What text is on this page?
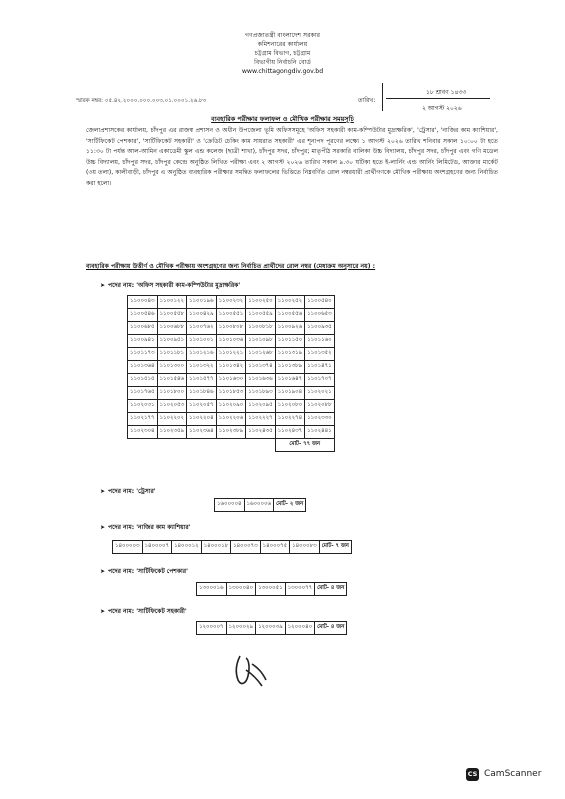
গণপ্রজাতন্ত্রী বাংলাদেশ সরকার
কমিশনারের কার্যালয়
চট্টগ্রাম বিভাগ, চট্টগ্রাম
বিভাগীয় নির্বাচনি বোর্ড
www.chittagongdiv.gov.bd
স্মারক নম্বর: ০৫.৪২.২০০০.০০০.০০৩.০১.০০০১.২৬.৮৩	তারিখ:
১৮ শ্রাবণ ১৪৩৩
২ আগস্ট ২০২৬
ব্যবহারিক পরীক্ষার ফলাফল ও মৌখিক পরীক্ষার সময়সূচি

জেলাপ্রশাসকের কার্যালয়, চাঁদপুর এর রাজস্ব প্রশাসন ও অধীন উপজেলা ভূমি অফিসসমূহে 'অফিস সহকারী কাম-কম্পিউটার মুদ্রাক্ষরিক', 'ট্রেসার', 'নাজির কাম ক্যাশিয়ার', 'সার্টিফিকেট পেশকার', 'সার্টিফিকেট সহকারী' ও 'ক্রেডিট চেকিং কাম সায়রাত সহকারী' এর শূন্যপদ পূরণের লক্ষ্যে ১ আগস্ট ২০২৬ তারিখ শনিবার সকাল ১০:০০ টা হতে ১১:৩০ টা পর্যন্ত আল-আমিন একাডেমী স্কুল এন্ড কলেজ (ছাত্রী শাখা), চাঁদপুর সদর, চাঁদপুর; মাতৃপীঠ সরকারি বালিকা উচ্চ বিদ্যালয়, চাঁদপুর সদর, চাঁদপুর এবং গণি মডেল উচ্চ বিদ্যালয়, চাঁদপুর সদর, চাঁদপুর কেন্দ্রে অনুষ্ঠিত লিখিত পরীক্ষা এবং ২ আগস্ট ২০২৬ তারিখ সকাল ৯.৩০ ঘটিকা হতে ই-লার্নিং এন্ড আর্নিং লিমিটেড, আক্তার মার্কেট (৩য় তলা), কালীবাড়ী, চাঁদপুর এ অনুষ্ঠিত ব্যবহারিক পরীক্ষার সমন্বিত ফলাফলের ভিত্তিতে নিম্নবর্ণিত রোল নম্বরধারী প্রার্থীগণকে মৌখিক পরীক্ষায় অংশগ্রহণের জন্য নির্বাচিত করা হলো।

ব্যবহারিক পরীক্ষায় উত্তীর্ণ ও মৌখিক পরীক্ষায় অংশগ্রহণের জন্য নির্বাচিত প্রার্থীদের রোল নম্বর (মেধাক্রম অনুসারে নয়) :
➤ পদের নাম: 'অফিস সহকারী কাম-কম্পিউটার মুদ্রাক্ষরিক'
১১০০০৪৩	১১০০১২২	১১০০১৯৬	১১০০২৩২	১১০০২৫০	১১০০২৫২	১১০০৫৪০
১১০০৫৪৬	১১০০৫৫৮	১১০০৪২৯	১১০০৫৫১	১১০০৫৫৯	১১০০৫৫৬	১১০০৬৫৩
১১০০৬৮৫	১১০০৬৮৮	১১০০৭৬২	১১০০৮০৮	১১০০৮১৮	১১০০৯২৬	১১০০৯৩৫
১১০০৯৪১	১১০০৯৫১	১১০১০০১	১১০১০৩৬	১১০১০৯৮	১১০১১৫০	১১০১১৬০
১১০১১৭৩	১১০১১৮১	১১০১২১৬	১১০১২২১	১১০১২৬৮	১১০১৩১৯	১১০১৩৫২
১১০১৩৬৪	১১০১৩০০	১১০১৩২২	১১০১৩৪২	১১০১৩৭৪	১১০১৩৮৯	১১০১৪৭১
১১০১৫১৫	১১০১৫৪৬	১১০১৫৭৭	১১০১৬৩০	১১০১৬৩৬	১১০১৬৪৭	১১০১৭০৭
১১০১৭৬৫	১১০১৮০০	১১০১৮৪৬	১১০১৮৫৩	১১০১৮৯৩	১১০১৯০৪	১১০২০২১
১১০২০৩১	১১০২০৫৩	১১০২০৫৭	১১০২০৯০	১১০২০৯৫	১১০২০৮০	১১০২০৮৮
১১০২১৭৭	১১০২২০২	১১০২২০৪	১১০২২০৬	১১০২২২৭	১১০২২৭৪	১১০২৩৩০
১১০২৩০৪	১১০২৩৫৯	১১০২৩৬৪	১১০২৩৮৯	১১০২৪৩৫	১১০২৪৩৭	১১০২৪৪১
					মোট- ৭৭ জন	
➤ পদের নাম: 'ট্রেসার'
১৬০০০০৪	১৬০০০০৬	মোট- ২ জন
➤ পদের নাম: 'নাজির কাম ক্যাশিয়ার'
১৪০০০০৩	১৪০০০০৭	১৪০০০১২	১৪০০০১৮	১৪০০০৭৩	১৪০০০৭৫	১৪০০০৮৩	মোট- ৭ জন
➤ পদের নাম: 'সার্টিফিকেট পেশকার'
১৩০০০১৬	১৩০০০৪০	১৩০০০৫১	১৩০০০৭৭	মোট- ৪ জন
➤ পদের নাম: 'সার্টিফিকেট সহকারী'
১২০০০০৭	১২০০০২৯	১২০০০৩৯	১২০০০৪০	মোট- ৪ জন
CS CamScanner
